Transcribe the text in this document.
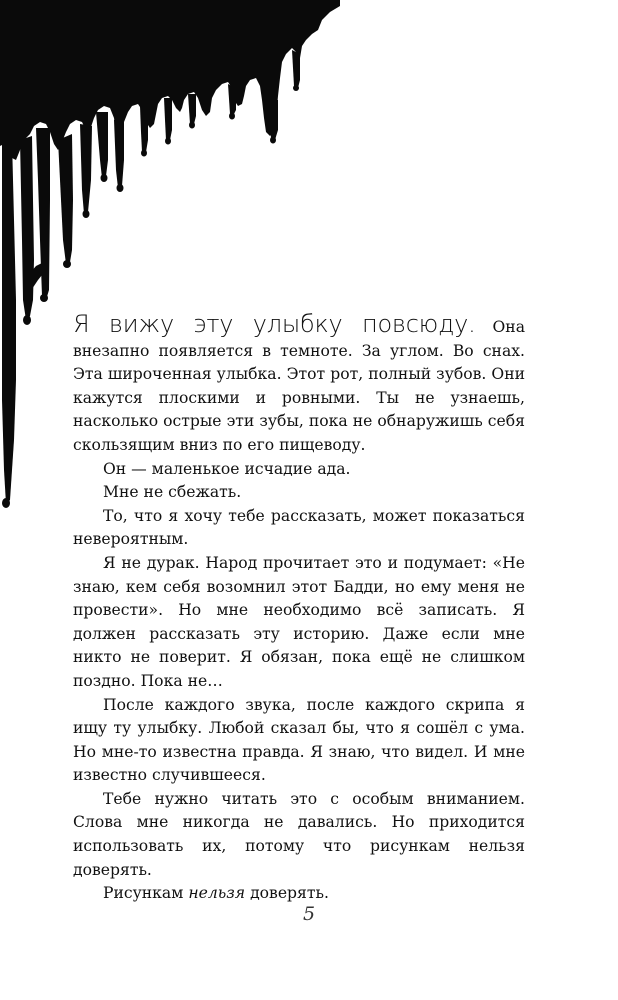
Я вижу эту улыбку повсюду. Она внезапно появляется в темноте. За углом. Во снах. Эта широченная улыбка. Этот рот, полный зубов. Они кажутся плоскими и ровными. Ты не узнаешь, насколько острые эти зубы, пока не обнаружишь себя скользящим вниз по его пищеводу.

Он — маленькое исчадие ада.

Мне не сбежать.

То, что я хочу тебе рассказать, может показаться невероятным.

Я не дурак. Народ прочитает это и подумает: «Не знаю, кем себя возомнил этот Бадди, но ему меня не провести». Но мне необходимо всё записать. Я должен рассказать эту историю. Даже если мне никто не поверит. Я обязан, пока ещё не слишком поздно. Пока не…

После каждого звука, после каждого скрипа я ищу ту улыбку. Любой сказал бы, что я сошёл с ума. Но мне-то известна правда. Я знаю, что видел. И мне известно случившееся.

Тебе нужно читать это с особым вниманием. Слова мне никогда не давались. Но приходится использовать их, потому что рисункам нельзя доверять.

Рисункам нельзя доверять.

5
